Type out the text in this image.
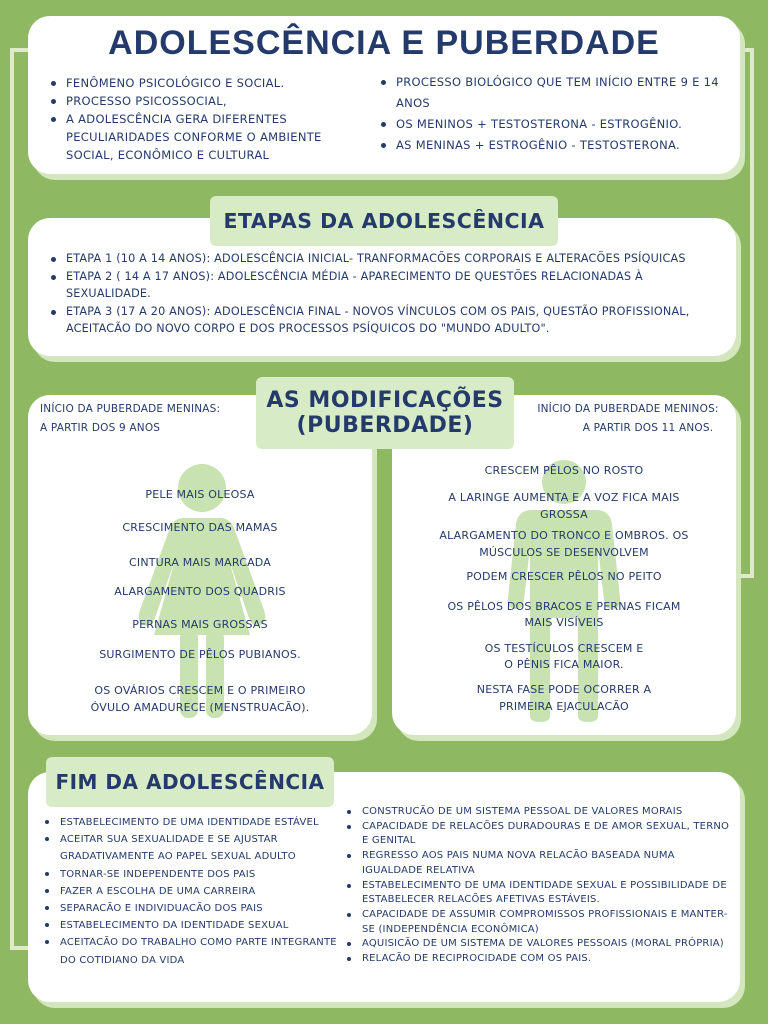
ADOLESCÊNCIA E PUBERDADE
FENÔMENO PSICOLÓGICO E SOCIAL.
PROCESSO PSICOSSOCIAL,
A ADOLESCÊNCIA GERA DIFERENTES PECULIARIDADES CONFORME O AMBIENTE SOCIAL, ECONÔMICO E CULTURAL
PROCESSO BIOLÓGICO QUE TEM INÍCIO ENTRE 9 E 14 ANOS
OS MENINOS + TESTOSTERONA - ESTROGÊNIO.
AS MENINAS + ESTROGÊNIO - TESTOSTERONA.
ETAPA 1 (10 A 14 ANOS): ADOLESCÊNCIA INICIAL- TRANFORMACÕES CORPORAIS E ALTERACÕES PSÍQUICAS
ETAPA 2 ( 14 A 17 ANOS): ADOLESCÊNCIA MÉDIA - APARECIMENTO DE QUESTÕES RELACIONADAS À SEXUALIDADE.
ETAPA 3 (17 A 20 ANOS): ADOLESCÊNCIA FINAL - NOVOS VÍNCULOS COM OS PAIS, QUESTÃO PROFISSIONAL, ACEITACÃO DO NOVO CORPO E DOS PROCESSOS PSÍQUICOS DO "MUNDO ADULTO".
ETAPAS DA ADOLESCÊNCIA
INÍCIO DA PUBERDADE MENINAS:
A PARTIR DOS 9 ANOS
PELE MAIS OLEOSA
CRESCIMENTO DAS MAMAS
CINTURA MAIS MARCADA
ALARGAMENTO DOS QUADRIS
PERNAS MAIS GROSSAS
SURGIMENTO DE PÊLOS PUBIANOS.
OS OVÁRIOS CRESCEM E O PRIMEIRO
ÓVULO AMADURECE (MENSTRUACÃO).
INÍCIO DA PUBERDADE MENINOS:
A PARTIR DOS 11 ANOS.
CRESCEM PÊLOS NO ROSTO
A LARINGE AUMENTA E A VOZ FICA MAIS
GROSSA
ALARGAMENTO DO TRONCO E OMBROS. OS
MÚSCULOS SE DESENVOLVEM
PODEM CRESCER PÊLOS NO PEITO
OS PÊLOS DOS BRACOS E PERNAS FICAM
MAIS VISÍVEIS
OS TESTÍCULOS CRESCEM E
O PÊNIS FICA MAIOR.
NESTA FASE PODE OCORRER A
PRIMEIRA EJACULACÃO
AS MODIFICAÇÕES
(PUBERDADE)
ESTABELECIMENTO DE UMA IDENTIDADE ESTÁVEL
ACEITAR SUA SEXUALIDADE E SE AJUSTAR GRADATIVAMENTE AO PAPEL SEXUAL ADULTO
TORNAR-SE INDEPENDENTE DOS PAIS
FAZER A ESCOLHA DE UMA CARREIRA
SEPARACÃO E INDIVIDUACÃO DOS PAIS
ESTABELECIMENTO DA IDENTIDADE SEXUAL
ACEITACÃO DO TRABALHO COMO PARTE INTEGRANTE DO COTIDIANO DA VIDA
CONSTRUCÃO DE UM SISTEMA PESSOAL DE VALORES MORAIS
CAPACIDADE DE RELACÕES DURADOURAS E DE AMOR SEXUAL, TERNO E GENITAL
REGRESSO AOS PAIS NUMA NOVA RELACÃO BASEADA NUMA IGUALDADE RELATIVA
ESTABELECIMENTO DE UMA IDENTIDADE SEXUAL E POSSIBILIDADE DE ESTABELECER RELACÕES AFETIVAS ESTÁVEIS.
CAPACIDADE DE ASSUMIR COMPROMISSOS PROFISSIONAIS E MANTER-SE (INDEPENDÊNCIA ECONÔMICA)
AQUISICÃO DE UM SISTEMA DE VALORES PESSOAIS (MORAL PRÓPRIA)
RELACÃO DE RECIPROCIDADE COM OS PAIS.
FIM DA ADOLESCÊNCIA
